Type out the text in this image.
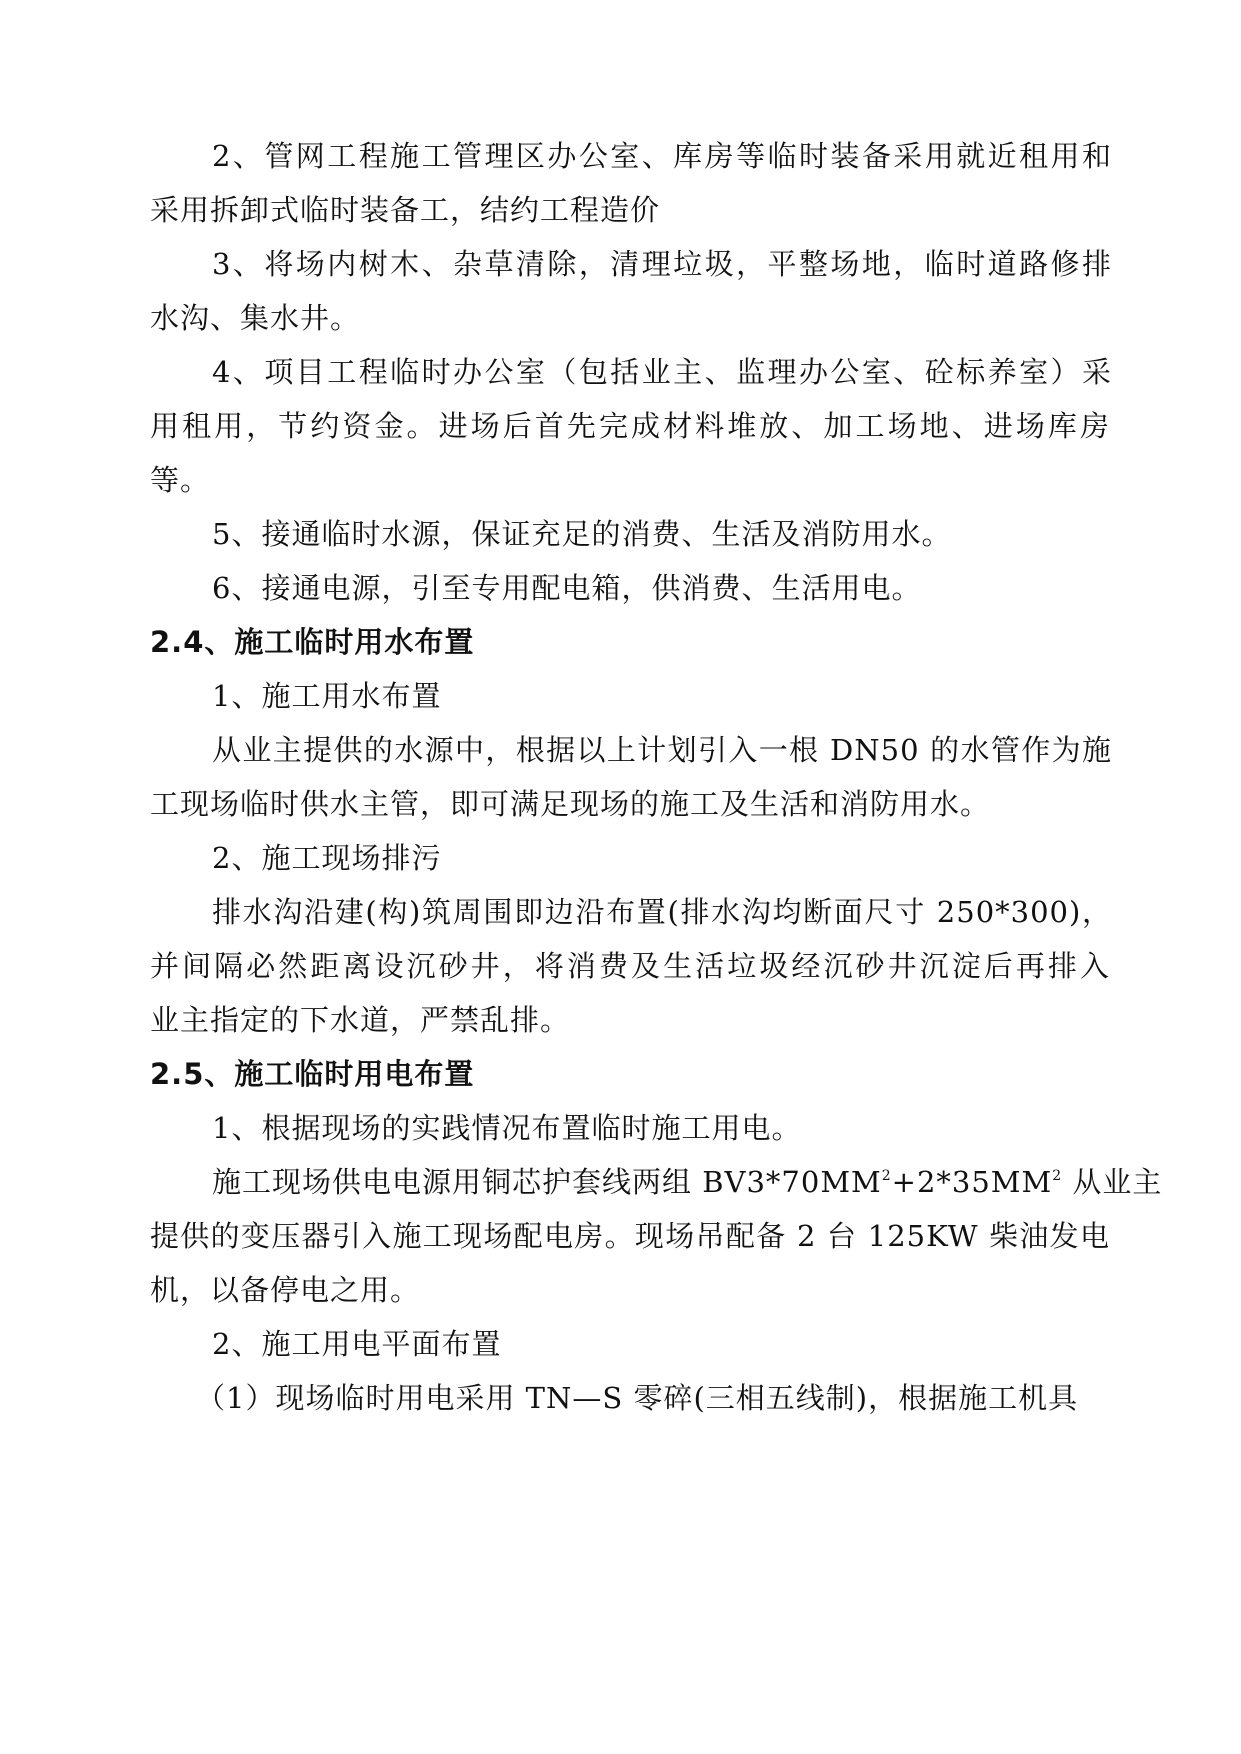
2、管网工程施工管理区办公室、库房等临时装备采用就近租用和
采用拆卸式临时装备工，结约工程造价
3、将场内树木、杂草清除，清理垃圾，平整场地，临时道路修排
水沟、集水井。
4、项目工程临时办公室（包括业主、监理办公室、砼标养室）采
用租用，节约资金。进场后首先完成材料堆放、加工场地、进场库房
等。
5、接通临时水源，保证充足的消费、生活及消防用水。
6、接通电源，引至专用配电箱，供消费、生活用电。
2.4、施工临时用水布置
1、施工用水布置
从业主提供的水源中，根据以上计划引入一根 DN50 的水管作为施
工现场临时供水主管，即可满足现场的施工及生活和消防用水。
2、施工现场排污
排水沟沿建(构)筑周围即边沿布置(排水沟均断面尺寸 250*300)，
并间隔必然距离设沉砂井，将消费及生活垃圾经沉砂井沉淀后再排入
业主指定的下水道，严禁乱排。
2.5、施工临时用电布置
1、根据现场的实践情况布置临时施工用电。
施工现场供电电源用铜芯护套线两组 $BV3*70MM^2+2*35MM^2$ 从业主
提供的变压器引入施工现场配电房。现场吊配备 2 台 125KW 柴油发电
机，以备停电之用。
2、施工用电平面布置
（1）现场临时用电采用 TN—S 零碎(三相五线制)，根据施工机具
